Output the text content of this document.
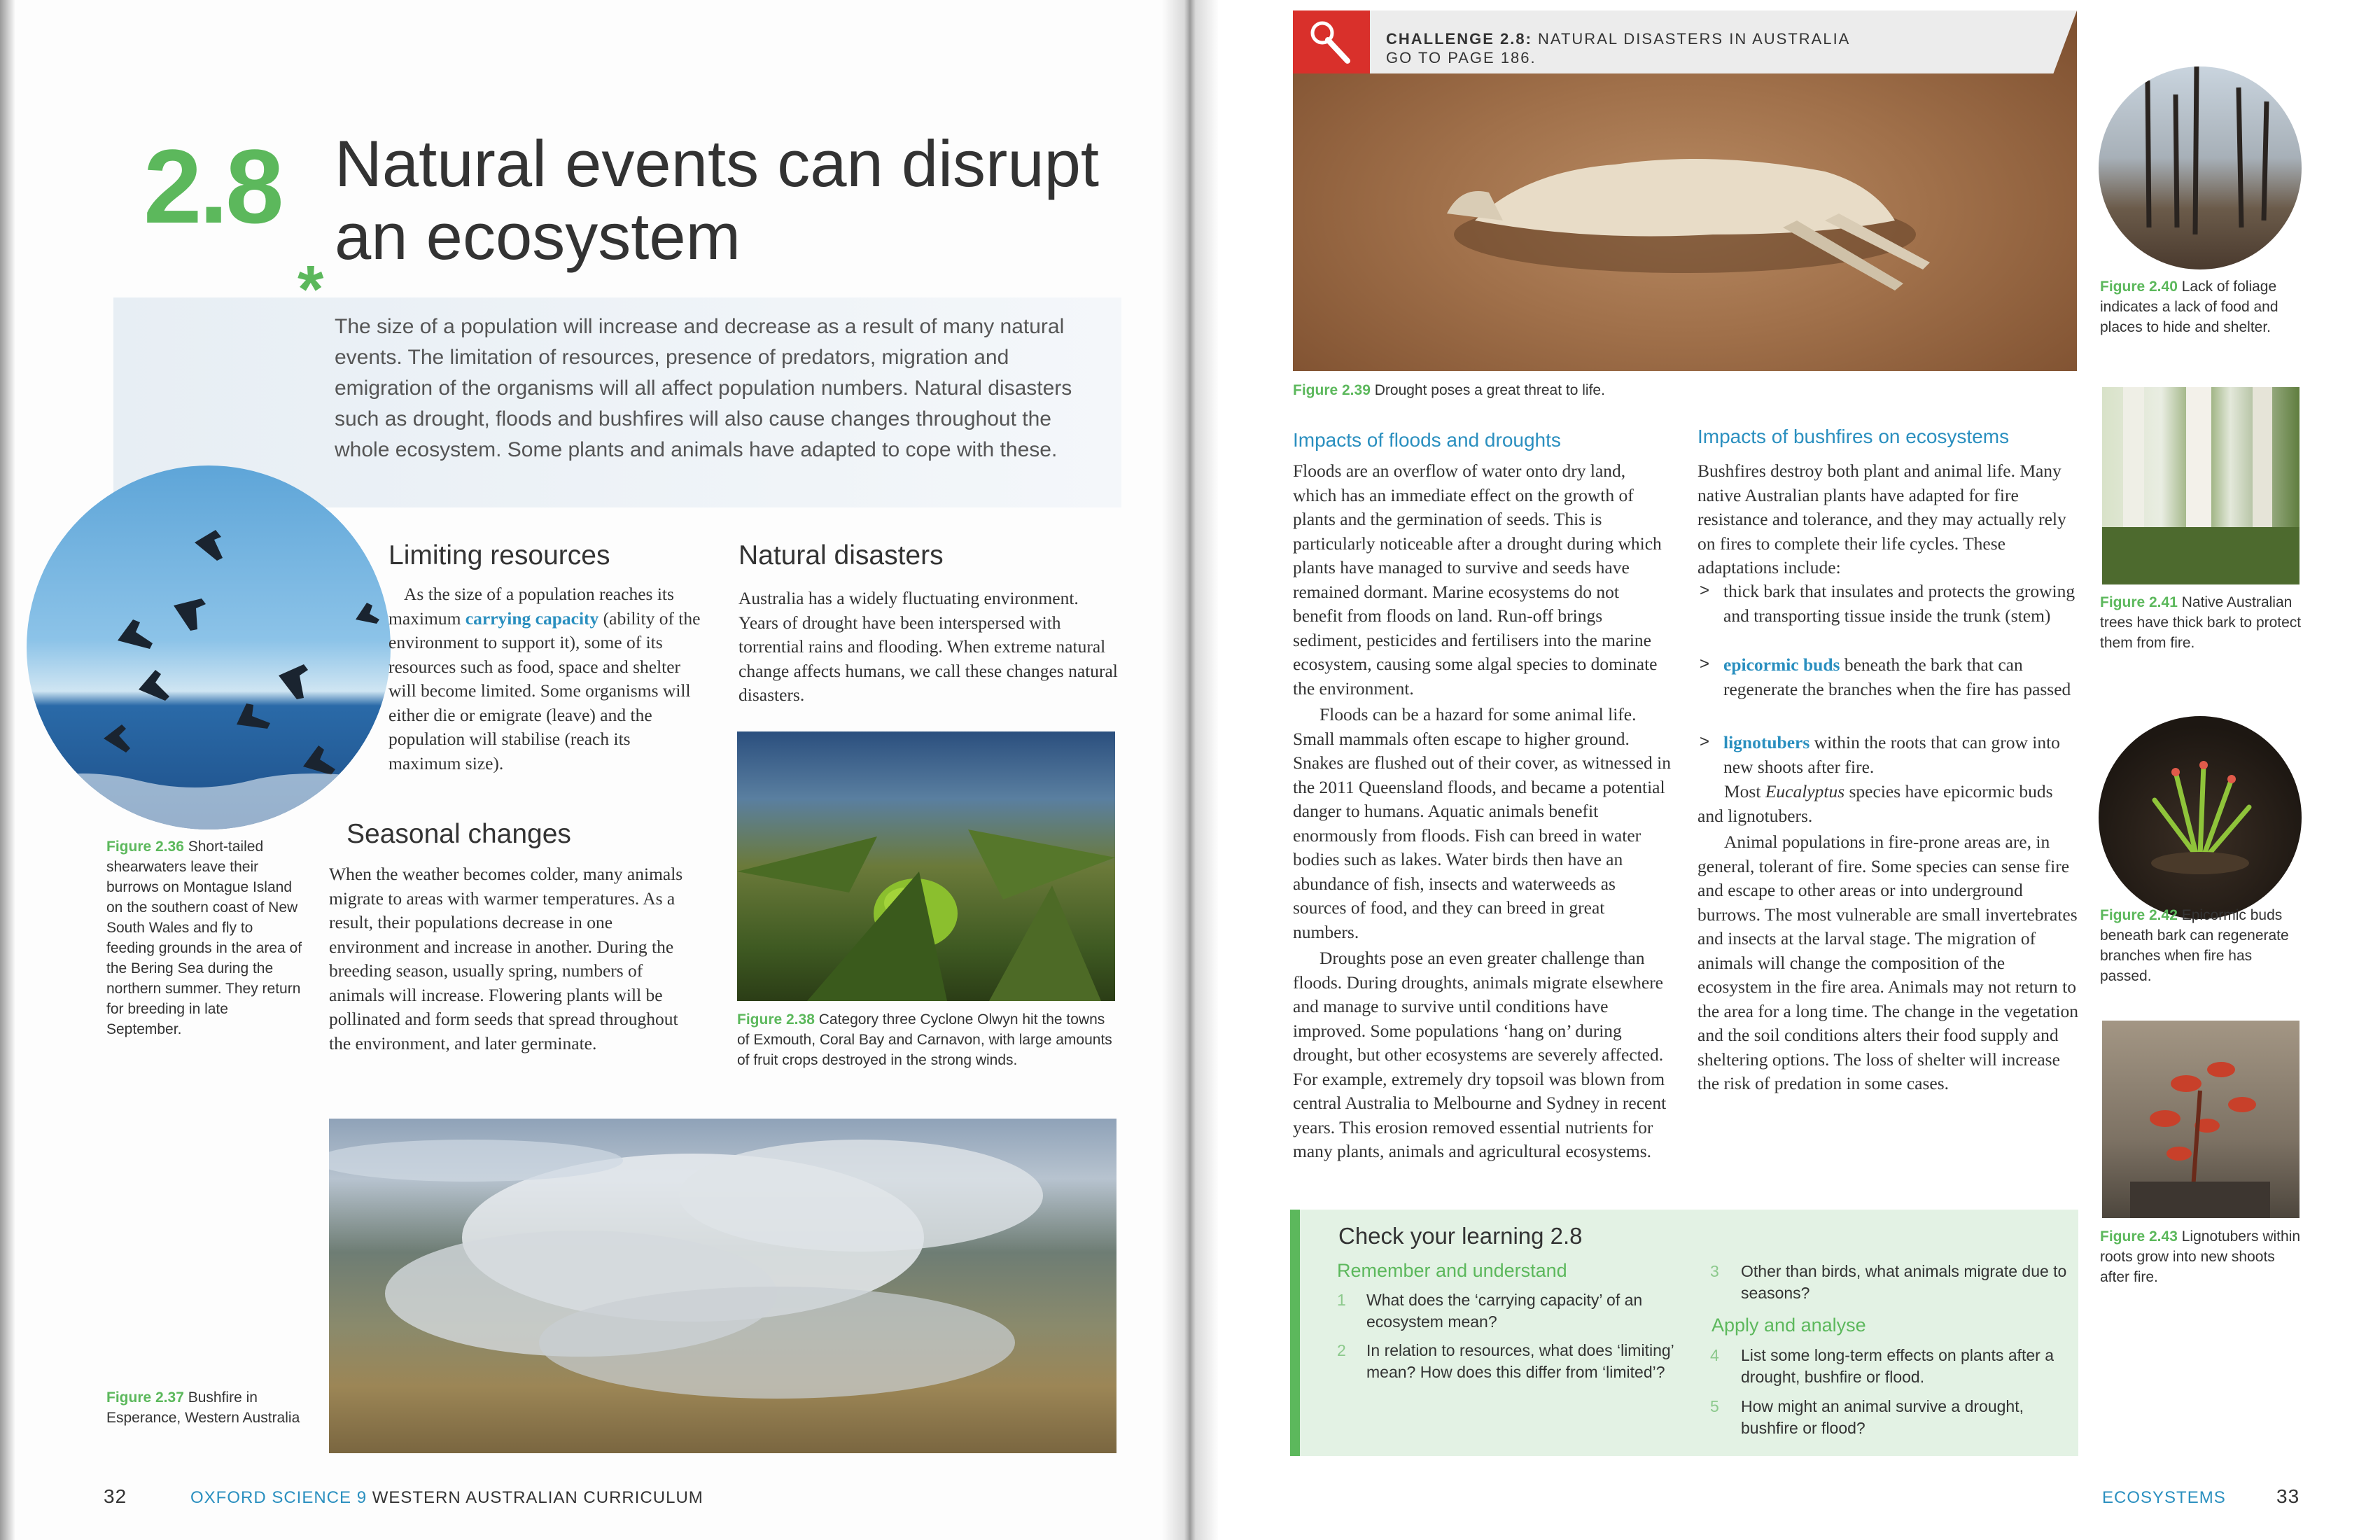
2.8 Natural events can disrupt an ecosystem
* The size of a population will increase and decrease as a result of many natural events. The limitation of resources, presence of predators, migration and emigration of the organisms will all affect population numbers. Natural disasters such as drought, floods and bushfires will also cause changes throughout the whole ecosystem. Some plants and animals have adapted to cope with these.
Limiting resources
As the size of a population reaches its maximum carrying capacity (ability of the environment to support it), some of its resources such as food, space and shelter will become limited. Some organisms will either die or emigrate (leave) and the population will stabilise (reach its maximum size).
Seasonal changes
When the weather becomes colder, many animals migrate to areas with warmer temperatures. As a result, their populations decrease in one environment and increase in another. During the breeding season, usually spring, numbers of animals will increase. Flowering plants will be pollinated and form seeds that spread throughout the environment, and later germinate.
Natural disasters
Australia has a widely fluctuating environment. Years of drought have been interspersed with torrential rains and flooding. When extreme natural change affects humans, we call these changes natural disasters.
Figure 2.38 Category three Cyclone Olwyn hit the towns of Exmouth, Coral Bay and Carnavon, with large amounts of fruit crops destroyed in the strong winds.
Figure 2.36 Short-tailed shearwaters leave their burrows on Montague Island on the southern coast of New South Wales and fly to feeding grounds in the area of the Bering Sea during the northern summer. They return for breeding in late September.
Figure 2.37 Bushfire in Esperance, Western Australia
32	OXFORD SCIENCE 9 WESTERN AUSTRALIAN CURRICULUM
CHALLENGE 2.8: NATURAL DISASTERS IN AUSTRALIA
GO TO PAGE 186.
Figure 2.39 Drought poses a great threat to life.
Impacts of floods and droughts
Floods are an overflow of water onto dry land, which has an immediate effect on the growth of plants and the germination of seeds. This is particularly noticeable after a drought during which plants have managed to survive and seeds have remained dormant. Marine ecosystems do not benefit from floods on land. Run-off brings sediment, pesticides and fertilisers into the marine ecosystem, causing some algal species to dominate the environment.
Floods can be a hazard for some animal life. Small mammals often escape to higher ground. Snakes are flushed out of their cover, as witnessed in the 2011 Queensland floods, and became a potential danger to humans. Aquatic animals benefit enormously from floods. Fish can breed in water bodies such as lakes. Water birds then have an abundance of fish, insects and waterweeds as sources of food, and they can breed in great numbers.
Droughts pose an even greater challenge than floods. During droughts, animals migrate elsewhere and manage to survive until conditions have improved. Some populations ‘hang on’ during drought, but other ecosystems are severely affected. For example, extremely dry topsoil was blown from central Australia to Melbourne and Sydney in recent years. This erosion removed essential nutrients for many plants, animals and agricultural ecosystems.
Impacts of bushfires on ecosystems
Bushfires destroy both plant and animal life. Many native Australian plants have adapted for fire resistance and tolerance, and they may actually rely on fires to complete their life cycles. These adaptations include:
> thick bark that insulates and protects the growing and transporting tissue inside the trunk (stem)
> epicormic buds beneath the bark that can regenerate the branches when the fire has passed
> lignotubers within the roots that can grow into new shoots after fire.
Most Eucalyptus species have epicormic buds and lignotubers.
Animal populations in fire-prone areas are, in general, tolerant of fire. Some species can sense fire and escape to other areas or into underground burrows. The most vulnerable are small invertebrates and insects at the larval stage. The migration of animals will change the composition of the ecosystem in the fire area. Animals may not return to the area for a long time. The change in the vegetation and the soil conditions alters their food supply and sheltering options. The loss of shelter will increase the risk of predation in some cases.
Figure 2.40 Lack of foliage indicates a lack of food and places to hide and shelter.
Figure 2.41 Native Australian trees have thick bark to protect them from fire.
Figure 2.42 Epicormic buds beneath bark can regenerate branches when fire has passed.
Figure 2.43 Lignotubers within roots grow into new shoots after fire.
Check your learning 2.8
Remember and understand
1 What does the ‘carrying capacity’ of an ecosystem mean?
2 In relation to resources, what does ‘limiting’ mean? How does this differ from ‘limited’?
3 Other than birds, what animals migrate due to seasons?
Apply and analyse
4 List some long-term effects on plants after a drought, bushfire or flood.
5 How might an animal survive a drought, bushfire or flood?
ECOSYSTEMS	33
